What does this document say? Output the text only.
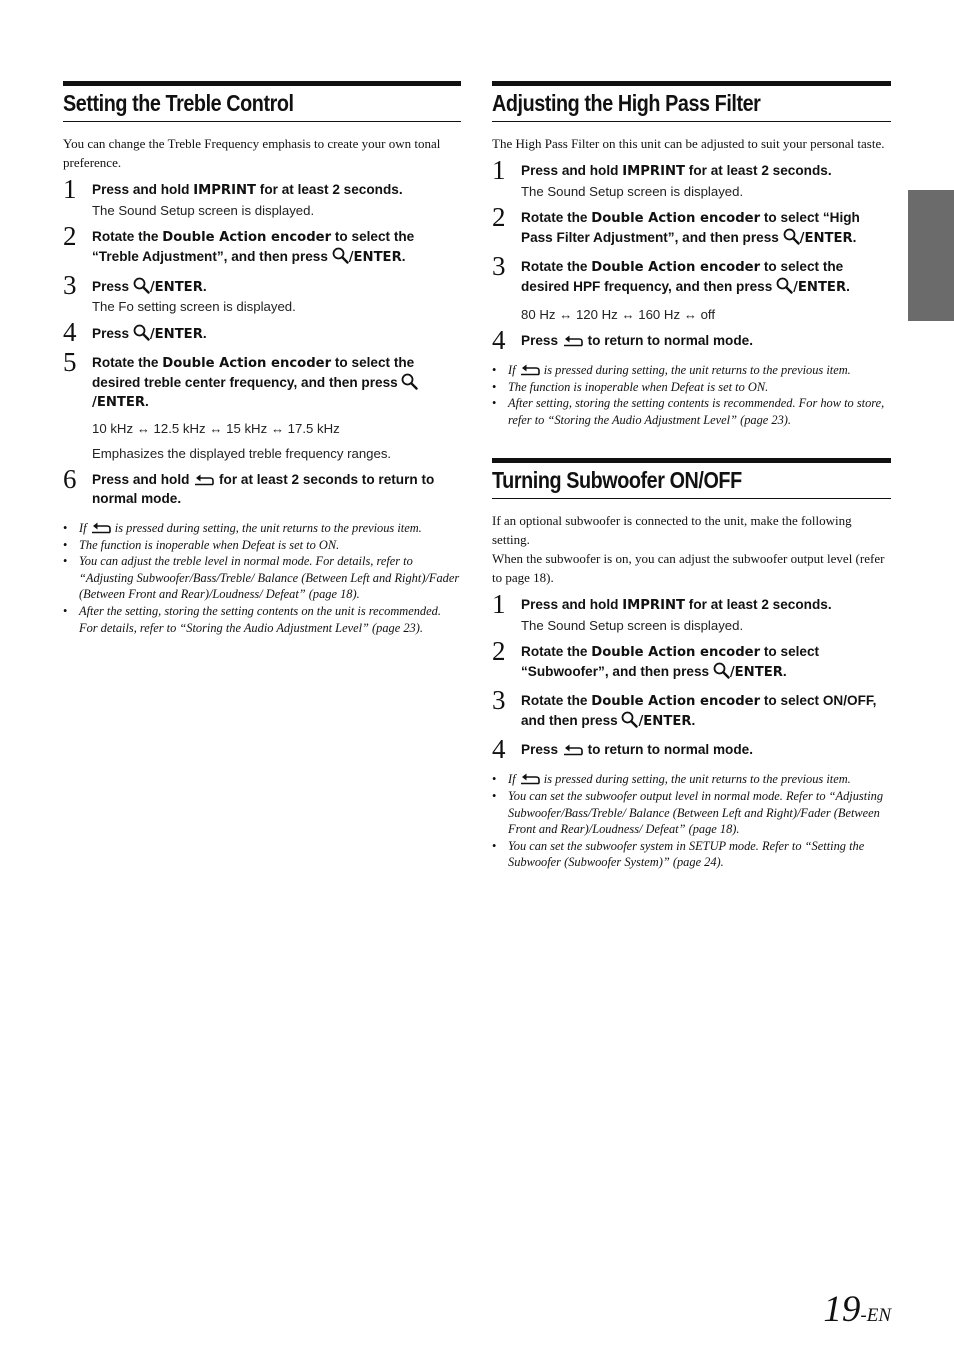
Setting the Treble Control

You can change the Treble Frequency emphasis to create your own tonal preference.

1 Press and hold IMPRINT for at least 2 seconds.
The Sound Setup screen is displayed.
2 Rotate the Double Action encoder to select the “Treble Adjustment”, and then press /ENTER.
3 Press /ENTER.
The Fo setting screen is displayed.
4 Press /ENTER.
5 Rotate the Double Action encoder to select the desired treble center frequency, and then press /ENTER.
10 kHz ↔ 12.5 kHz ↔ 15 kHz ↔ 17.5 kHz
Emphasizes the displayed treble frequency ranges.
6 Press and hold  for at least 2 seconds to return to normal mode.
• If  is pressed during setting, the unit returns to the previous item.
• The function is inoperable when Defeat is set to ON.
• You can adjust the treble level in normal mode. For details, refer to “Adjusting Subwoofer/Bass/Treble/ Balance (Between Left and Right)/Fader (Between Front and Rear)/Loudness/ Defeat” (page 18).
• After the setting, storing the setting contents on the unit is recommended. For details, refer to “Storing the Audio Adjustment Level” (page 23).
Adjusting the High Pass Filter

The High Pass Filter on this unit can be adjusted to suit your personal taste.

1 Press and hold IMPRINT for at least 2 seconds.
The Sound Setup screen is displayed.
2 Rotate the Double Action encoder to select “High Pass Filter Adjustment”, and then press /ENTER.
3 Rotate the Double Action encoder to select the desired HPF frequency, and then press /ENTER.
80 Hz ↔ 120 Hz ↔ 160 Hz ↔ off
4 Press  to return to normal mode.
• If  is pressed during setting, the unit returns to the previous item.
• The function is inoperable when Defeat is set to ON.
• After setting, storing the setting contents is recommended. For how to store, refer to “Storing the Audio Adjustment Level” (page 23).
Turning Subwoofer ON/OFF

If an optional subwoofer is connected to the unit, make the following setting.

When the subwoofer is on, you can adjust the subwoofer output level (refer to page 18).

1 Press and hold IMPRINT for at least 2 seconds.
The Sound Setup screen is displayed.
2 Rotate the Double Action encoder to select “Subwoofer”, and then press /ENTER.
3 Rotate the Double Action encoder to select ON/OFF, and then press /ENTER.
4 Press  to return to normal mode.
• If  is pressed during setting, the unit returns to the previous item.
• You can set the subwoofer output level in normal mode. Refer to “Adjusting Subwoofer/Bass/Treble/ Balance (Between Left and Right)/Fader (Between Front and Rear)/Loudness/ Defeat” (page 18).
• You can set the subwoofer system in SETUP mode. Refer to “Setting the Subwoofer (Subwoofer System)” (page 24).
19-EN
